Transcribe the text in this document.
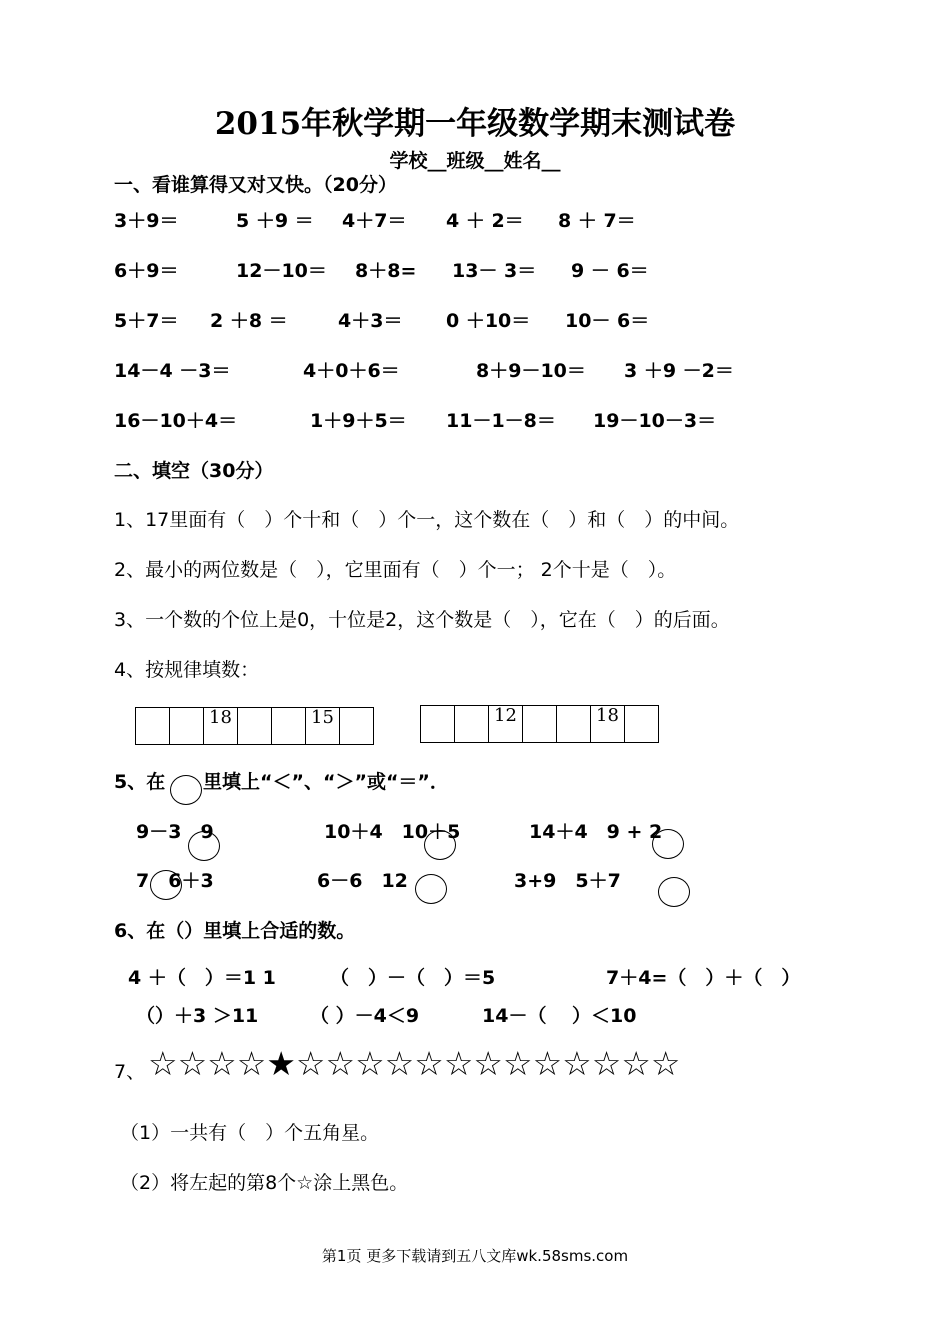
2015年秋学期一年级数学期末测试卷
学校__班级__姓名__
一、看谁算得又对又快。（20分）
3＋9＝	5 ＋9 ＝ 4＋7＝ 4 ＋ 2＝ 8 ＋ 7＝
6＋9＝	12－10＝ 8＋8= 13－ 3＝ 9 － 6＝
5＋7＝ 2 ＋8 ＝	4＋3＝ 0 ＋10＝ 10－ 6＝
14－4 －3＝	4＋0＋6＝	8＋9－10＝ 3 ＋9 －2＝
16－10＋4＝	1＋9＋5＝ 11－1－8＝ 19－10－3＝
二、填空（30分）
1、17里面有（　）个十和（　）个一，这个数在（　）和（　）的中间。
2、最小的两位数是（　），它里面有（　）个一； 2个十是（　）。
3、一个数的个位上是0，十位是2，这个数是（　），它在（　）的后面。
4、按规律填数：
18	15	12	18
5、在 里填上“＜”、“＞”或“＝”．
9－3　9	10＋4　10＋5	14＋4　9 + 2
7　6＋3	6－6　12	3+9　5＋7
6、在（）里填上合适的数。
4 ＋（　）＝1 1	（　）－（　）＝5	7＋4=（　）＋（　）
（）＋3 ＞11	（ ）－4＜9	14－（　 ）＜10
7、 ☆☆☆☆★☆☆☆☆☆☆☆☆☆☆☆☆☆
（1）一共有（　）个五角星。
（2）将左起的第8个☆涂上黑色。
第1页 更多下载请到五八文库wk.58sms.com
